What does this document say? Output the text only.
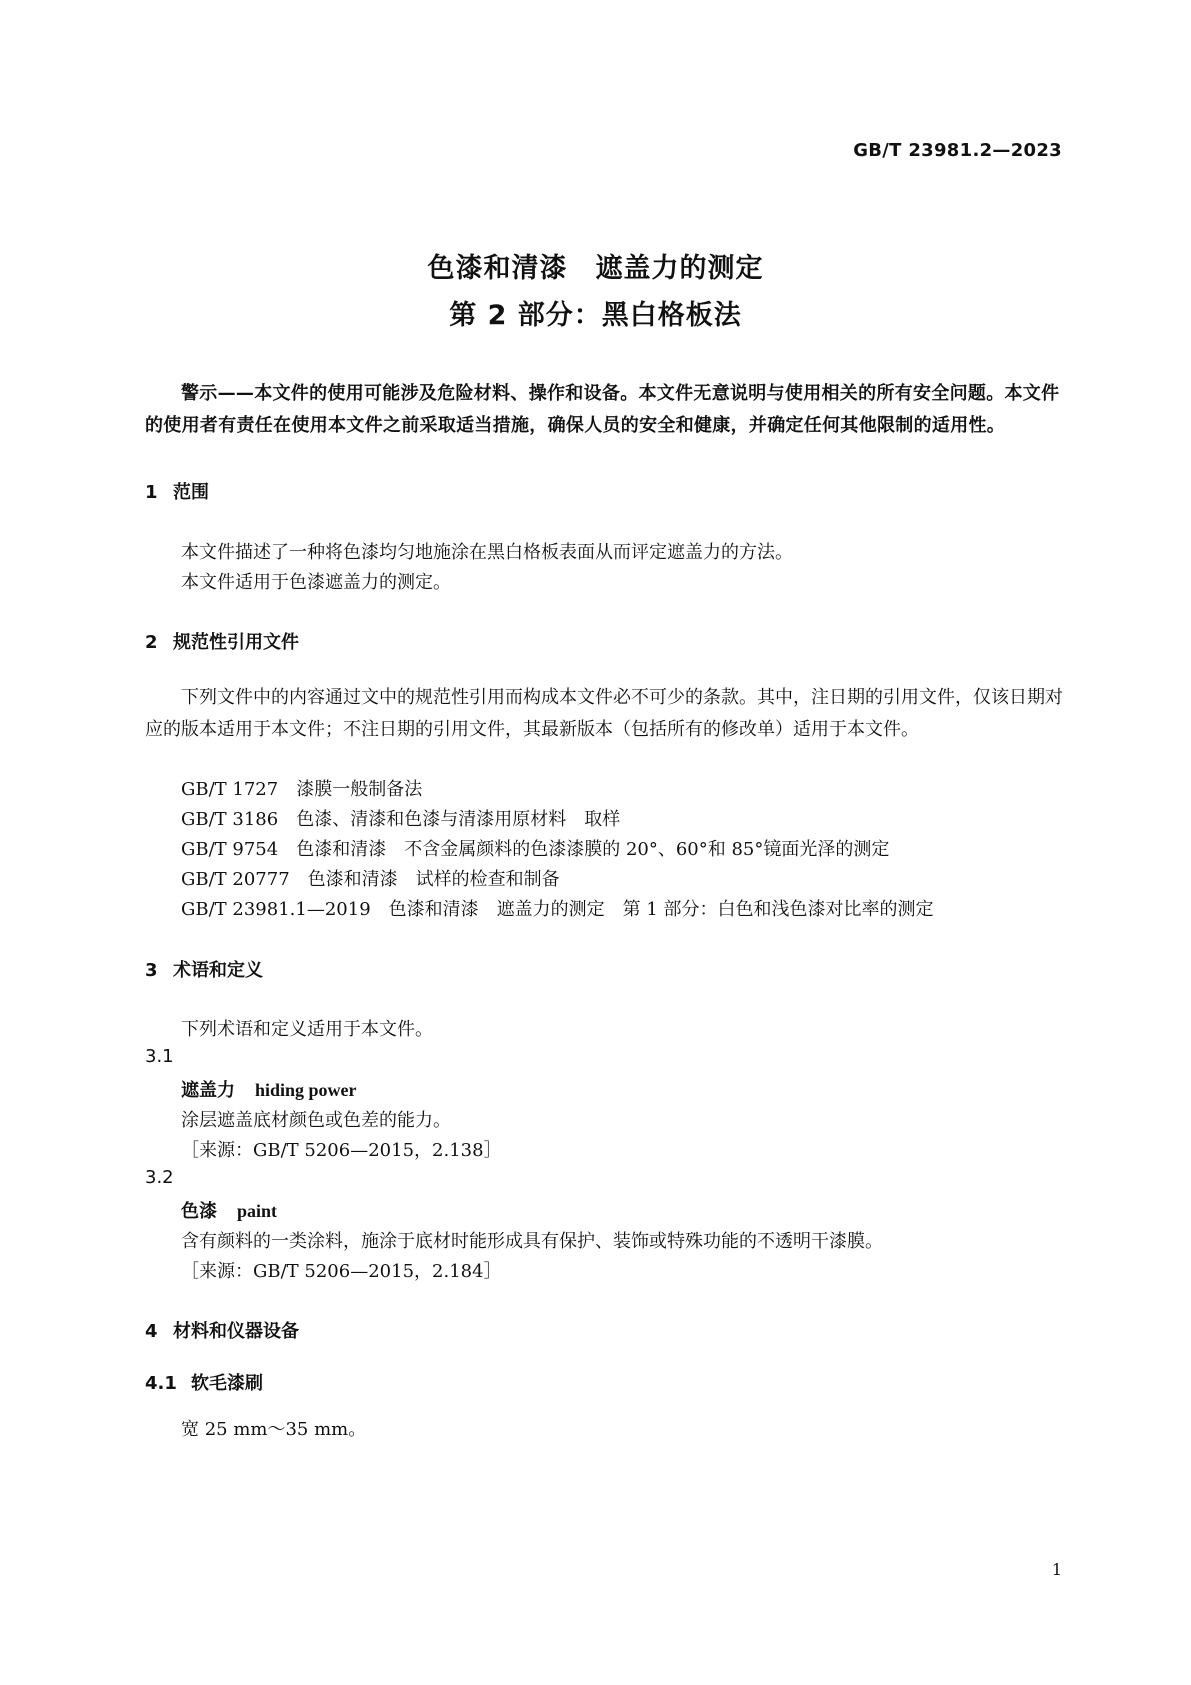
GB/T 23981.2—2023
色漆和清漆　遮盖力的测定
第 2 部分：黑白格板法
警示——本文件的使用可能涉及危险材料、操作和设备。本文件无意说明与使用相关的所有安全问题。本文件的使用者有责任在使用本文件之前采取适当措施，确保人员的安全和健康，并确定任何其他限制的适用性。
1 范围
本文件描述了一种将色漆均匀地施涂在黑白格板表面从而评定遮盖力的方法。
本文件适用于色漆遮盖力的测定。
2 规范性引用文件
下列文件中的内容通过文中的规范性引用而构成本文件必不可少的条款。其中，注日期的引用文件，仅该日期对应的版本适用于本文件；不注日期的引用文件，其最新版本（包括所有的修改单）适用于本文件。
GB/T 1727 漆膜一般制备法
GB/T 3186 色漆、清漆和色漆与清漆用原材料　取样
GB/T 9754 色漆和清漆　不含金属颜料的色漆漆膜的 20°、60°和 85°镜面光泽的测定
GB/T 20777 色漆和清漆　试样的检查和制备
GB/T 23981.1—2019 色漆和清漆　遮盖力的测定　第 1 部分：白色和浅色漆对比率的测定
3 术语和定义
下列术语和定义适用于本文件。
3.1
遮盖力 hiding power
涂层遮盖底材颜色或色差的能力。
［来源：GB/T 5206—2015，2.138］
3.2
色漆 paint
含有颜料的一类涂料，施涂于底材时能形成具有保护、装饰或特殊功能的不透明干漆膜。
［来源：GB/T 5206—2015，2.184］
4 材料和仪器设备
4.1 软毛漆刷
宽 25 mm～35 mm。
1
